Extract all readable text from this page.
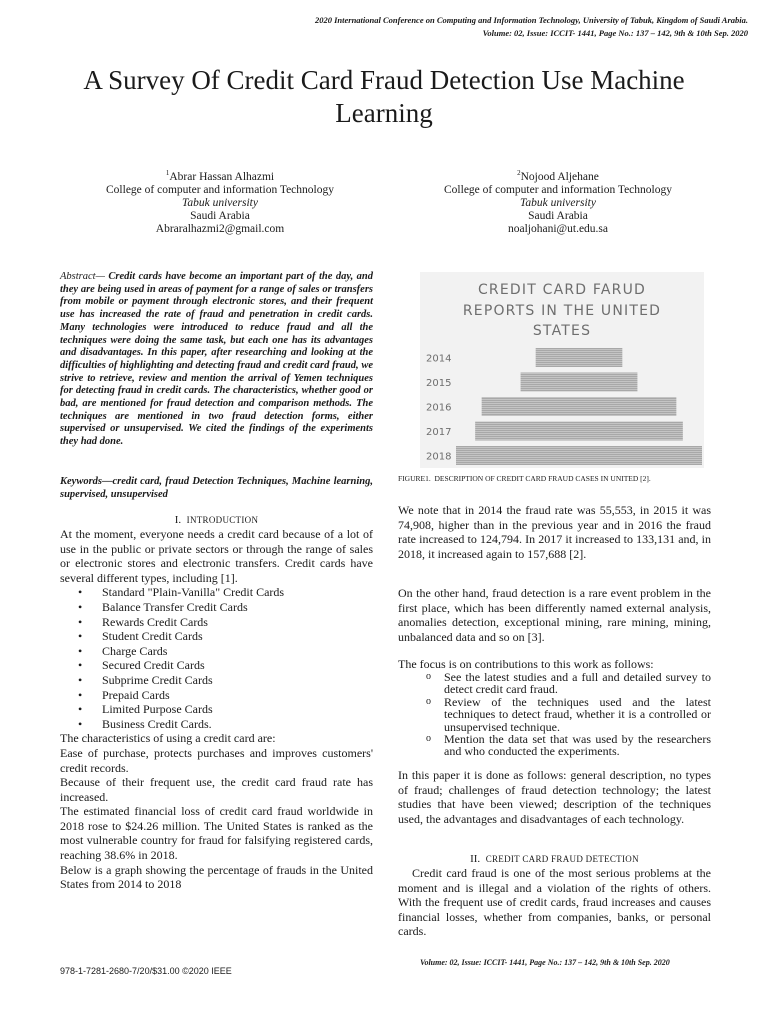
2020 International Conference on Computing and Information Technology, University of Tabuk, Kingdom of Saudi Arabia.
Volume: 02, Issue: ICCIT- 1441, Page No.: 137 – 142, 9th & 10th Sep. 2020
A Survey Of Credit Card Fraud Detection Use Machine Learning
$^1$Abrar Hassan Alhazmi
College of computer and information Technology
Tabuk university
Saudi Arabia
Abraralhazmi2@gmail.com
$^2$Nojood Aljehane
College of computer and information Technology
Tabuk university
Saudi Arabia
noaljohani@ut.edu.sa
Abstract— Credit cards have become an important part of the day, and they are being used in areas of payment for a range of sales or transfers from mobile or payment through electronic stores, and their frequent use has increased the rate of fraud and penetration in credit cards. Many technologies were introduced to reduce fraud and all the techniques were doing the same task, but each one has its advantages and disadvantages. In this paper, after researching and looking at the difficulties of highlighting and detecting fraud and credit card fraud, we strive to retrieve, review and mention the arrival of Yemen techniques for detecting fraud in credit cards. The characteristics, whether good or bad, are mentioned for fraud detection and comparison methods. The techniques are mentioned in two fraud detection forms, either supervised or unsupervised. We cited the findings of the experiments they had done.
Keywords—credit card, fraud Detection Techniques, Machine learning, supervised, unsupervised
I. INTRODUCTION

At the moment, everyone needs a credit card because of a lot of use in the public or private sectors or through the range of sales or electronic stores and electronic transfers. Credit cards have several different types, including [1].

• Standard "Plain-Vanilla" Credit Cards
• Balance Transfer Credit Cards
• Rewards Credit Cards
• Student Credit Cards
• Charge Cards
• Secured Credit Cards
• Subprime Credit Cards
• Prepaid Cards
• Limited Purpose Cards
• Business Credit Cards.

The characteristics of using a credit card are:

Ease of purchase, protects purchases and improves customers' credit records.

Because of their frequent use, the credit card fraud rate has increased.

The estimated financial loss of credit card fraud worldwide in 2018 rose to $24.26 million. The United States is ranked as the most vulnerable country for fraud for falsifying registered cards, reaching 38.6% in 2018.

Below is a graph showing the percentage of frauds in the United States from 2014 to 2018

CREDIT CARD FARUD
REPORTS IN THE UNITED
STATES
2014
2015
2016
2017
2018
FIGURE1. DESCRIPTION OF CREDIT CARD FRAUD CASES IN UNITED [2].
We note that in 2014 the fraud rate was 55,553, in 2015 it was 74,908, higher than in the previous year and in 2016 the fraud rate increased to 124,794. In 2017 it increased to 133,131 and, in 2018, it increased again to 157,688 [2].
On the other hand, fraud detection is a rare event problem in the first place, which has been differently named external analysis, anomalies detection, exceptional mining, rare mining, mining, unbalanced data and so on [3].
The focus is on contributions to this work as follows:
o See the latest studies and a full and detailed survey to detect credit card fraud.
o Review of the techniques used and the latest techniques to detect fraud, whether it is a controlled or unsupervised technique.
o Mention the data set that was used by the researchers and who conducted the experiments.
In this paper it is done as follows: general description, no types of fraud; challenges of fraud detection technology; the latest studies that have been viewed; description of the techniques used, the advantages and disadvantages of each technology.
II. CREDIT CARD FRAUD DETECTION
Credit card fraud is one of the most serious problems at the moment and is illegal and a violation of the rights of others. With the frequent use of credit cards, fraud increases and causes financial losses, whether from companies, banks, or personal cards.
978-1-7281-2680-7/20/$31.00 ©2020 IEEE
Volume: 02, Issue: ICCIT- 1441, Page No.: 137 – 142, 9th & 10th Sep. 2020
